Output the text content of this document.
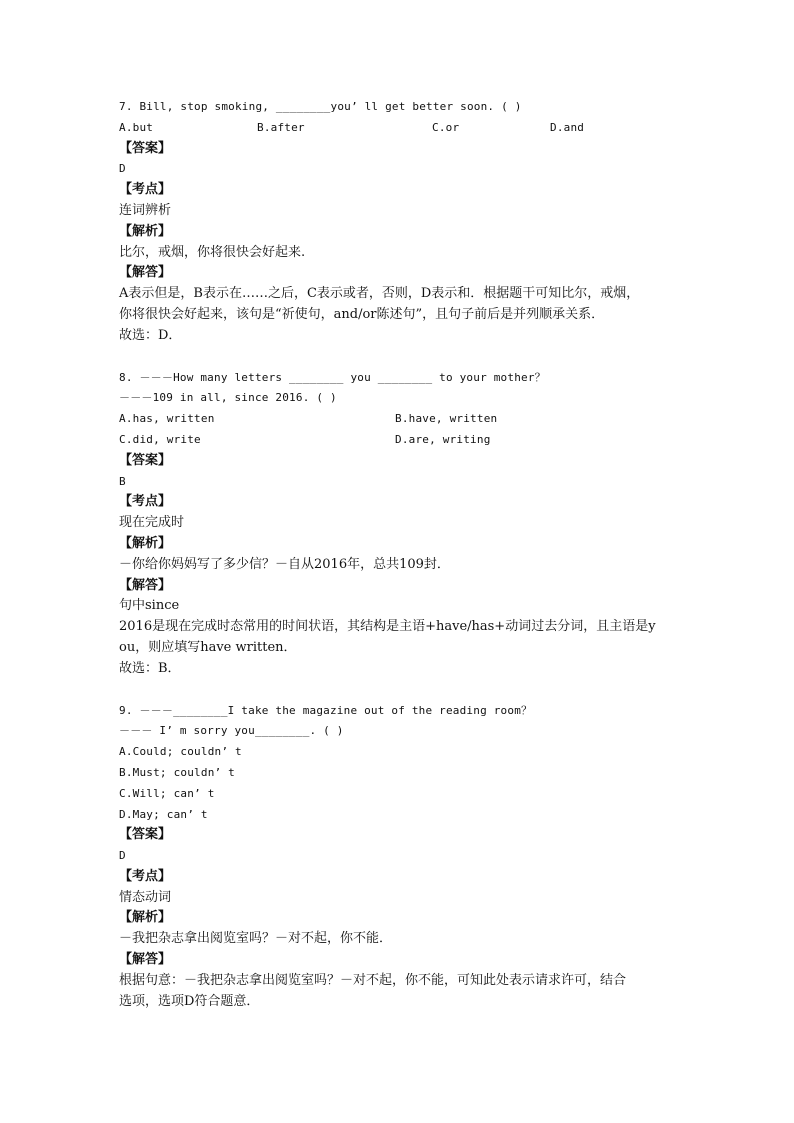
7. Bill, stop smoking, ________you’ ll get better soon. ( )
A.but	B.after	C.or	D.and
【答案】
D
【考点】
连词辨析
【解析】
比尔，戒烟，你将很快会好起来.
【解答】
A表示但是，B表示在……之后，C表示或者，否则，D表示和．根据题干可知比尔，戒烟，
你将很快会好起来，该句是“祈使句，and/or陈述句”，且句子前后是并列顺承关系．
故选：D．
8. －－－How many letters ________ you ________ to your mother？
－－－109 in all, since 2016. ( )
A.has, written	B.have, written
C.did, write	D.are, writing
【答案】
B
【考点】
现在完成时
【解析】
－你给你妈妈写了多少信？－自从2016年，总共109封．
【解答】
句中since
2016是现在完成时态常用的时间状语，其结构是主语+have/has+动词过去分词，且主语是y
ou，则应填写have written．
故选：B．
9. －－－________I take the magazine out of the reading room？
－－－ I’ m sorry you________. ( )
A.Could; couldn’ t
B.Must; couldn’ t
C.Will; can’ t
D.May; can’ t
【答案】
D
【考点】
情态动词
【解析】
－我把杂志拿出阅览室吗？－对不起，你不能．
【解答】
根据句意：－我把杂志拿出阅览室吗？－对不起，你不能，可知此处表示请求许可，结合
选项，选项D符合题意．
